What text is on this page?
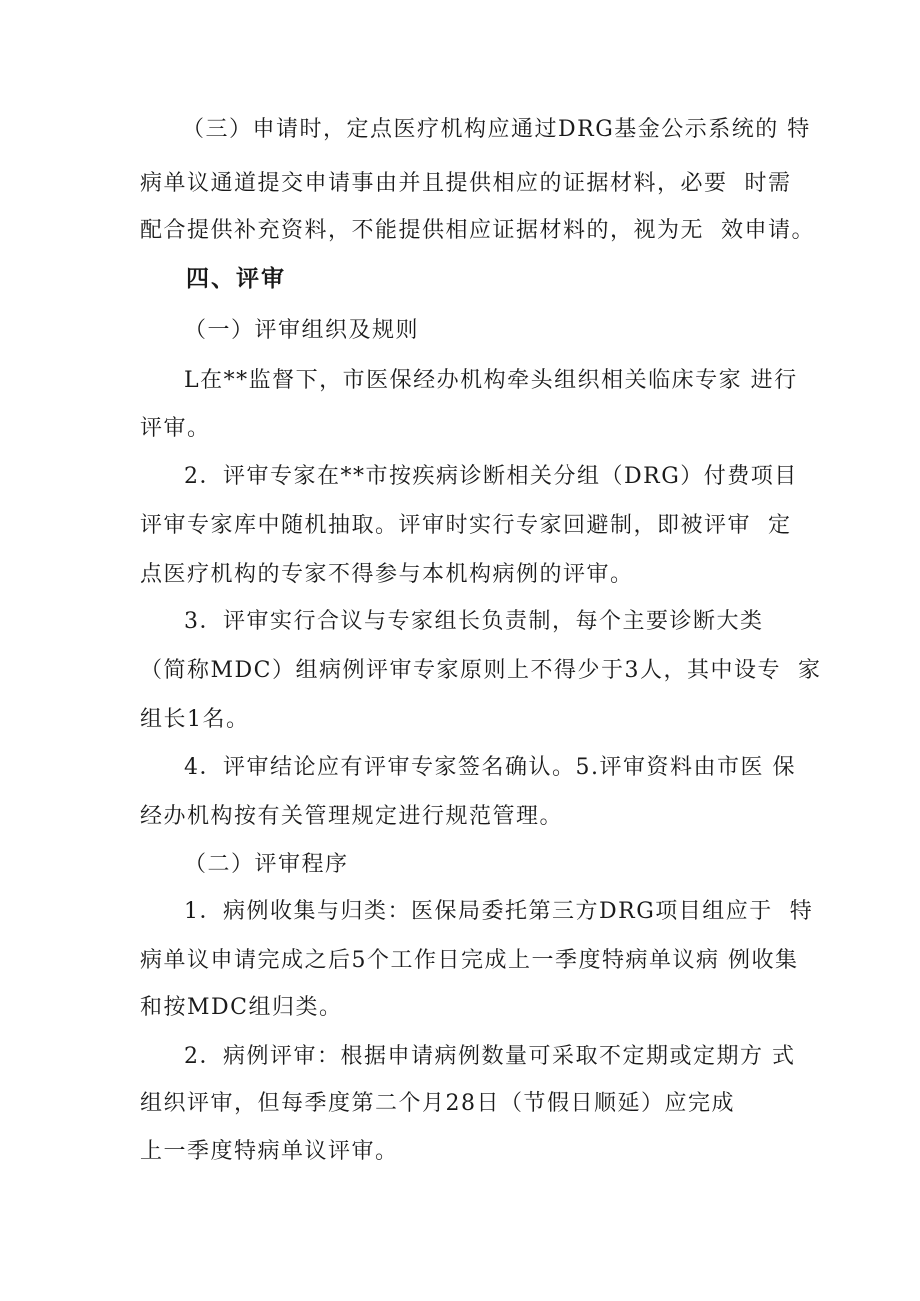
（三）申请时，定点医疗机构应通过DRG基金公示系统的 特
病单议通道提交申请事由并且提供相应的证据材料，必要  时需
配合提供补充资料，不能提供相应证据材料的，视为无  效申请。
四、评审
（一）评审组织及规则
L在**监督下，市医保经办机构牵头组织相关临床专家 进行
评审。
2．评审专家在**市按疾病诊断相关分组（DRG）付费项目
评审专家库中随机抽取。评审时实行专家回避制，即被评审  定
点医疗机构的专家不得参与本机构病例的评审。
3．评审实行合议与专家组长负责制，每个主要诊断大类
（简称MDC）组病例评审专家原则上不得少于3人，其中设专  家
组长1名。
4．评审结论应有评审专家签名确认。5.评审资料由市医 保
经办机构按有关管理规定进行规范管理。
（二）评审程序
1．病例收集与归类：医保局委托第三方DRG项目组应于  特
病单议申请完成之后5个工作日完成上一季度特病单议病 例收集
和按MDC组归类。
2．病例评审：根据申请病例数量可采取不定期或定期方 式
组织评审，但每季度第二个月28日（节假日顺延）应完成
上一季度特病单议评审。
